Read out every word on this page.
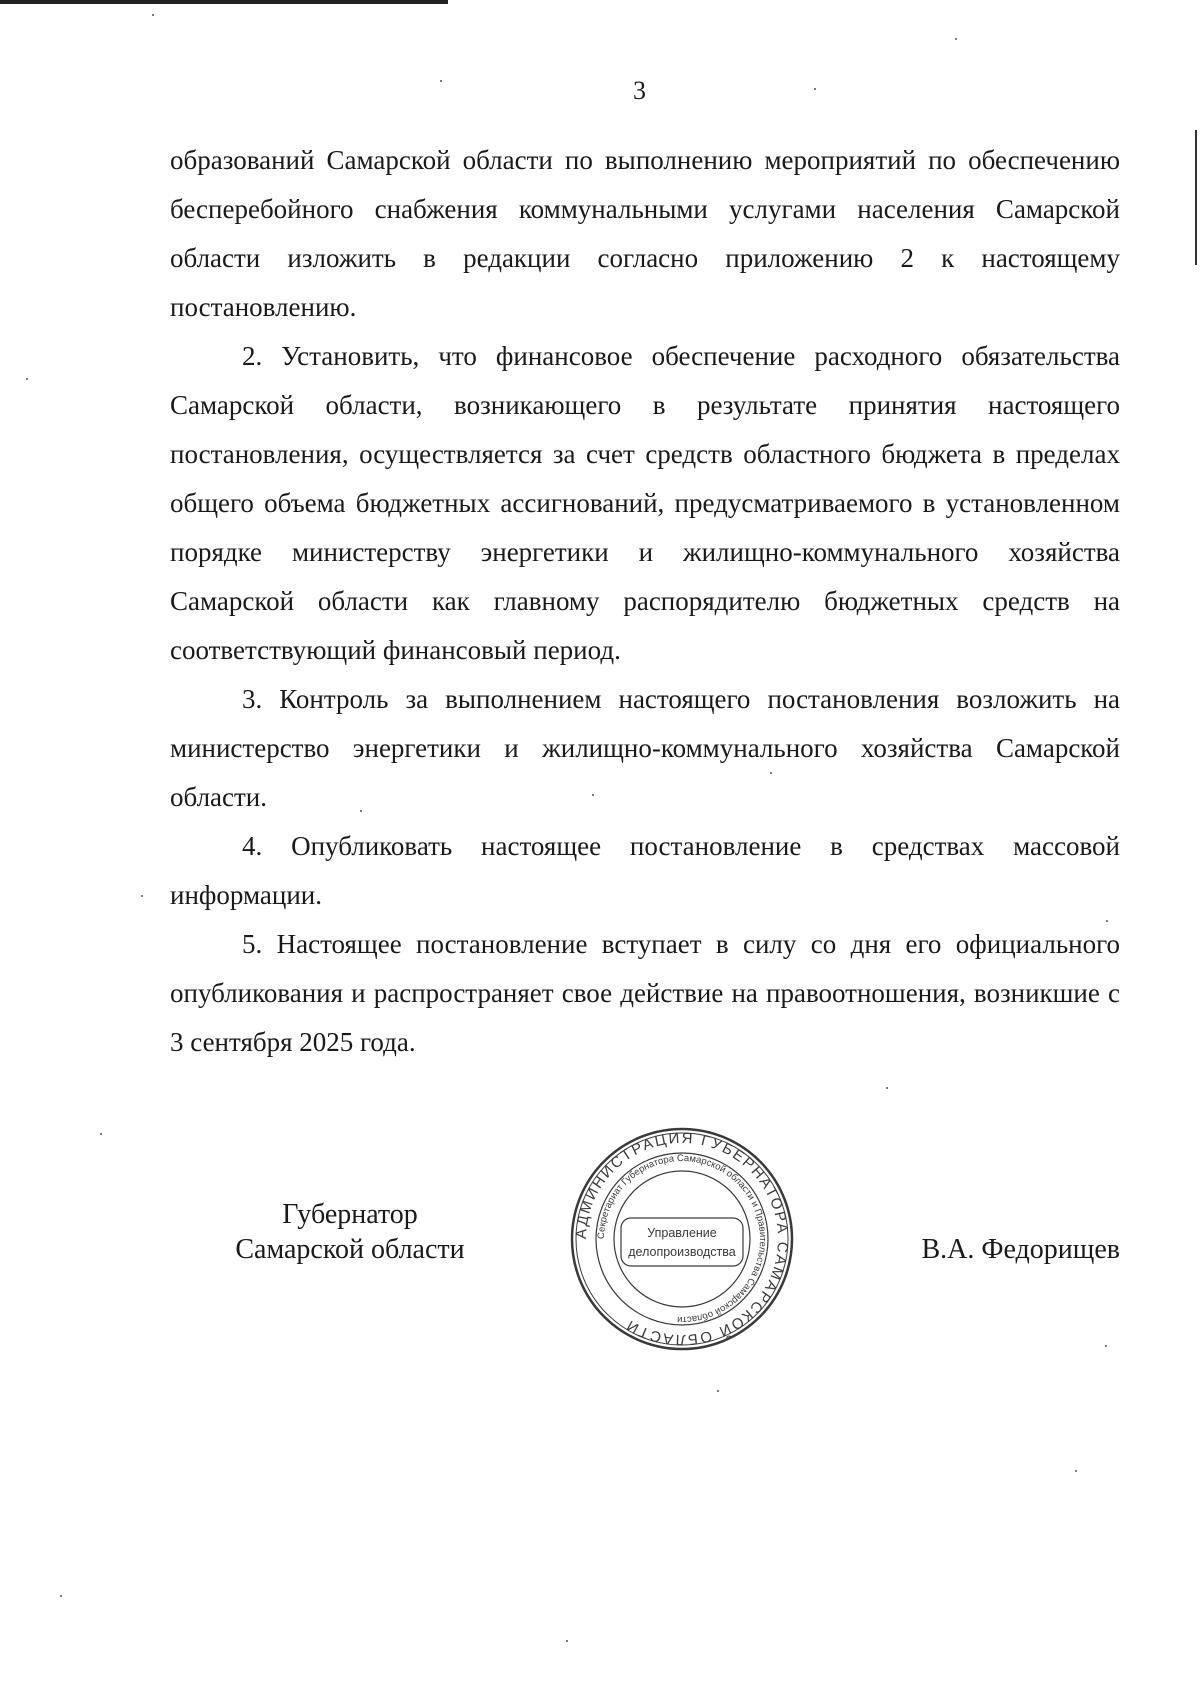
3

образований Самарской области по выполнению мероприятий по обеспечению бесперебойного снабжения коммунальными услугами населения Самарской области изложить в редакции согласно приложению 2 к настоящему постановлению.

2. Установить, что финансовое обеспечение расходного обязательства Самарской области, возникающего в результате принятия настоящего постановления, осуществляется за счет средств областного бюджета в пределах общего объема бюджетных ассигнований, предусматриваемого в установленном порядке министерству энергетики и жилищно-коммунального хозяйства Самарской области как главному распорядителю бюджетных средств на соответствующий финансовый период.

3. Контроль за выполнением настоящего постановления возложить на министерство энергетики и жилищно-коммунального хозяйства Самарской области.

4. Опубликовать настоящее постановление в средствах массовой информации.

5. Настоящее постановление вступает в силу со дня его официального опубликования и распространяет свое действие на правоотношения, возникшие с 3 сентября 2025 года.

Губернатор
Самарской области
АДМИНИСТРАЦИЯ ГУБЕРНАТОРА САМАРСКОЙ ОБЛАСТИ
Секретариат Губернатора Самарской области и Правительства Самарской области
Управление
делопроизводства	В.А. Федорищев
